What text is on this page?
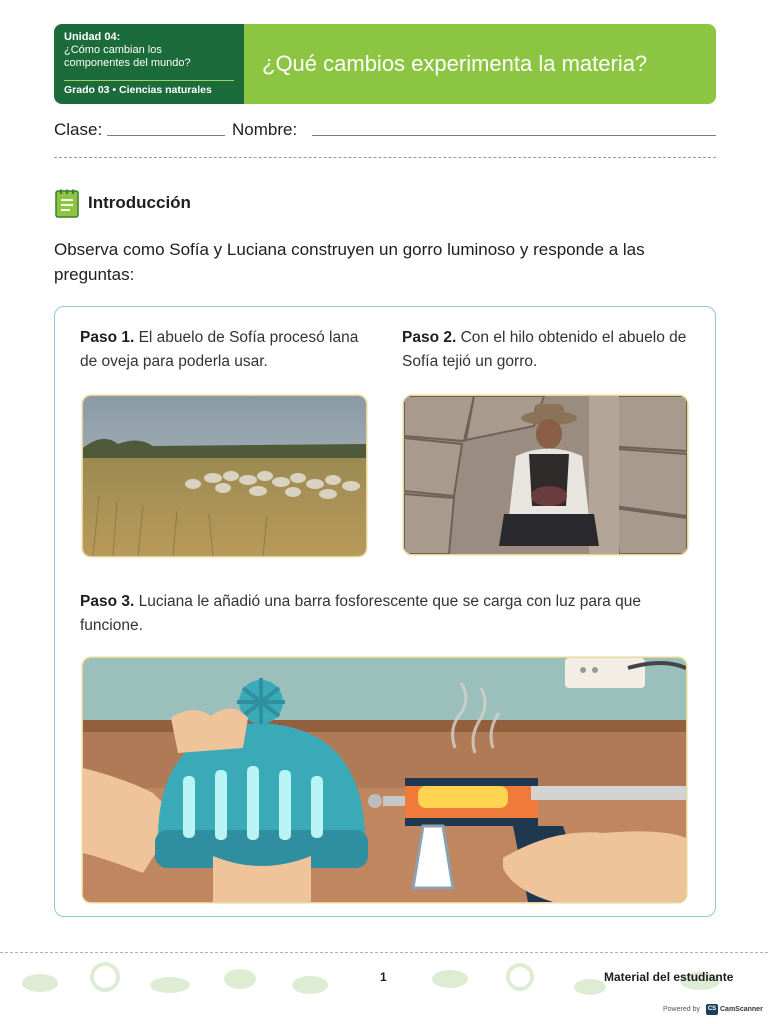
Unidad 04:
¿Cómo cambian los
componentes del mundo?
Grado 03 • Ciencias naturales
¿Qué cambios experimenta la materia?
Clase:	Nombre:
Introducción
Observa como Sofía y Luciana construyen un gorro luminoso y responde a las preguntas:
Paso 1. El abuelo de Sofía procesó lana de oveja para poderla usar.
Paso 2. Con el hilo obtenido el abuelo de Sofía tejió un gorro.
Paso 3. Luciana le añadió una barra fosforescente que se carga con luz para que funcione.
1	Material del estudiante
Powered by	CS CamScanner
